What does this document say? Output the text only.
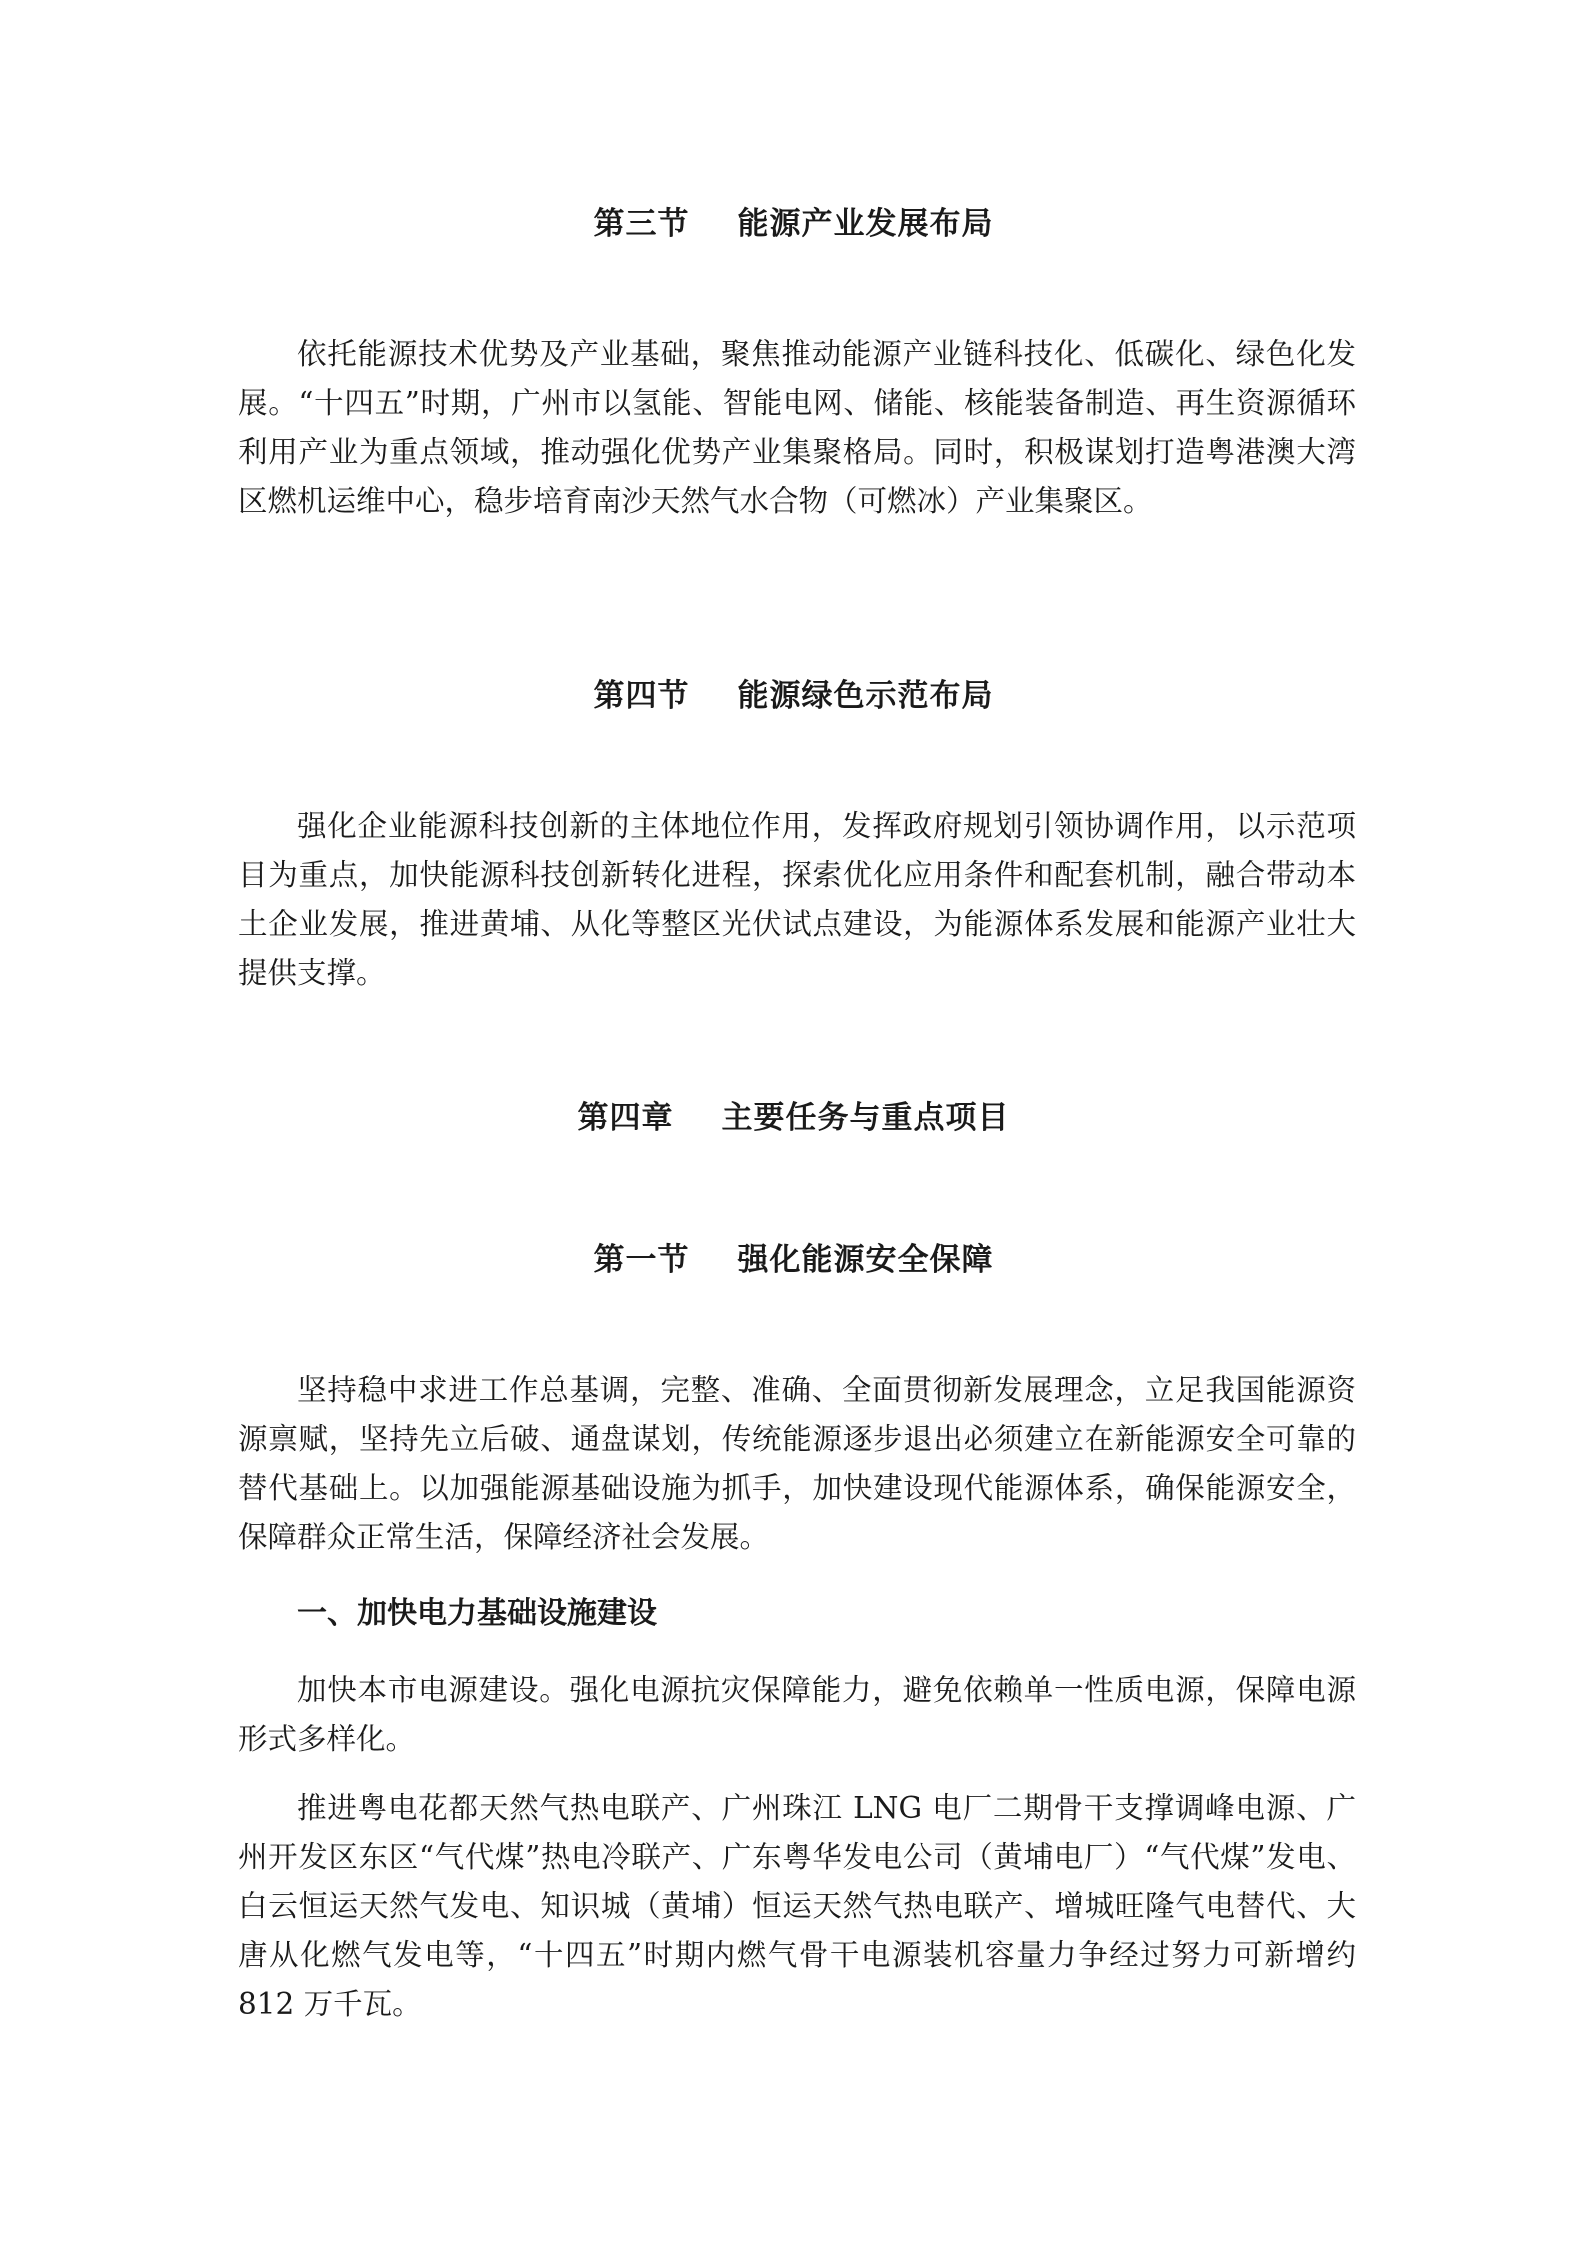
第三节 能源产业发展布局

依托能源技术优势及产业基础，聚焦推动能源产业链科技化、低碳化、绿色化发展。“十四五”时期，广州市以氢能、智能电网、储能、核能装备制造、再生资源循环利用产业为重点领域，推动强化优势产业集聚格局。同时，积极谋划打造粤港澳大湾区燃机运维中心，稳步培育南沙天然气水合物（可燃冰）产业集聚区。

第四节 能源绿色示范布局

强化企业能源科技创新的主体地位作用，发挥政府规划引领协调作用，以示范项目为重点，加快能源科技创新转化进程，探索优化应用条件和配套机制，融合带动本土企业发展，推进黄埔、从化等整区光伏试点建设，为能源体系发展和能源产业壮大提供支撑。

第四章 主要任务与重点项目
第一节 强化能源安全保障

坚持稳中求进工作总基调，完整、准确、全面贯彻新发展理念，立足我国能源资源禀赋，坚持先立后破、通盘谋划，传统能源逐步退出必须建立在新能源安全可靠的替代基础上。以加强能源基础设施为抓手，加快建设现代能源体系，确保能源安全，保障群众正常生活，保障经济社会发展。

一、加快电力基础设施建设

加快本市电源建设。强化电源抗灾保障能力，避免依赖单一性质电源，保障电源形式多样化。

推进粤电花都天然气热电联产、广州珠江 LNG 电厂二期骨干支撑调峰电源、广州开发区东区“气代煤”热电冷联产、广东粤华发电公司（黄埔电厂）“气代煤”发电、白云恒运天然气发电、知识城（黄埔）恒运天然气热电联产、增城旺隆气电替代、大唐从化燃气发电等，“十四五”时期内燃气骨干电源装机容量力争经过努力可新增约 812 万千瓦。
